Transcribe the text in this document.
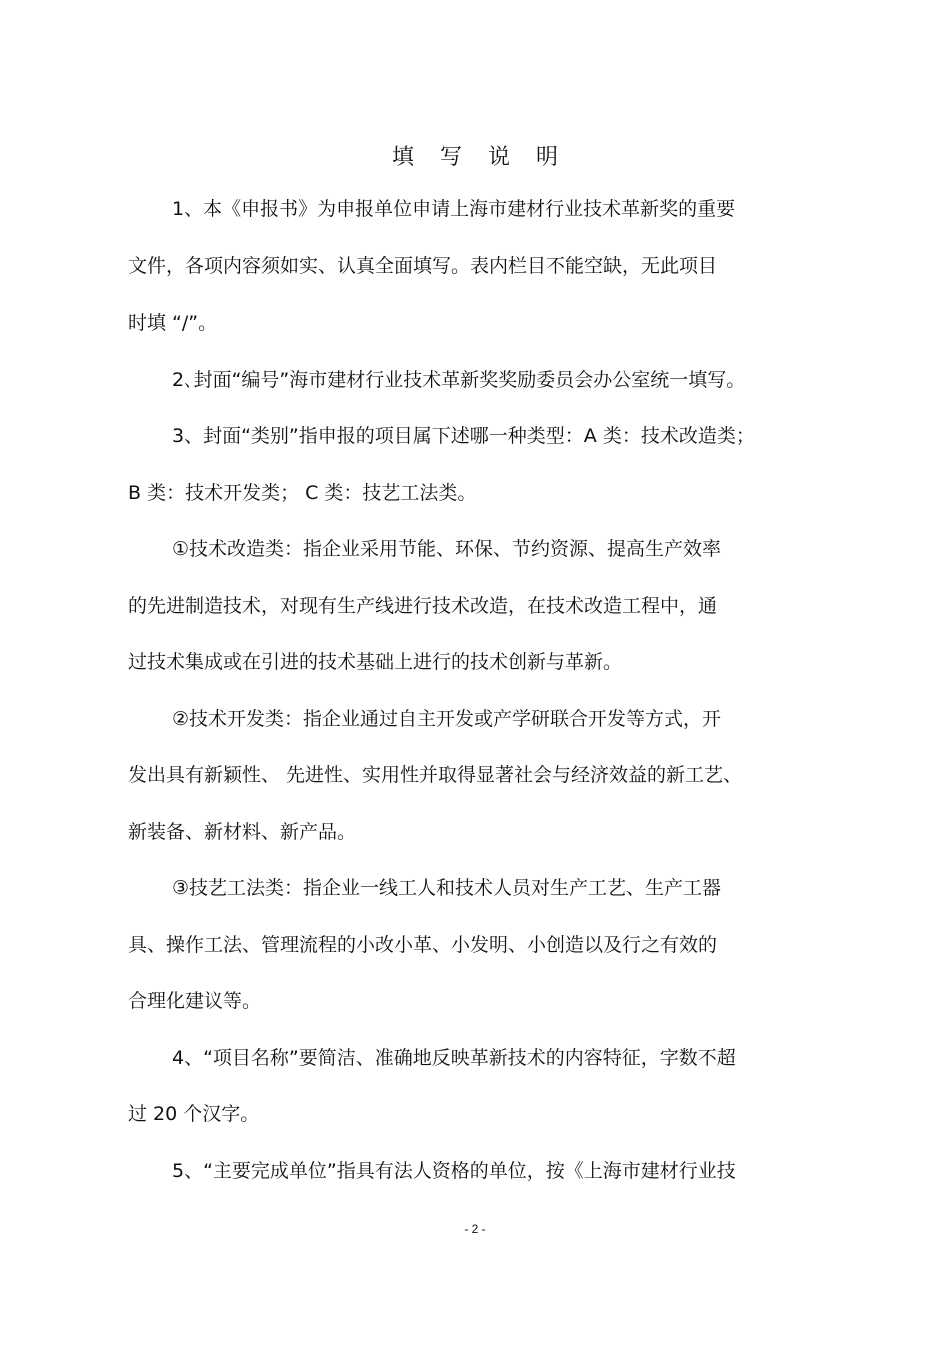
填写说明
1、本《申报书》为申报单位申请上海市建材行业技术革新奖的重要
文件，各项内容须如实、认真全面填写。表内栏目不能空缺，无此项目
时填 “/”。
2､封面“编号”海市建材行业技术革新奖奖励委员会办公室统一填写。
3、封面“类别”指申报的项目属下述哪一种类型：A 类：技术改造类；
B 类：技术开发类； C 类：技艺工法类。
①技术改造类：指企业采用节能、环保、节约资源、提高生产效率
的先进制造技术，对现有生产线进行技术改造，在技术改造工程中，通
过技术集成或在引进的技术基础上进行的技术创新与革新。
②技术开发类：指企业通过自主开发或产学研联合开发等方式，开
发出具有新颖性、 先进性、实用性并取得显著社会与经济效益的新工艺、
新装备、新材料、新产品。
③技艺工法类：指企业一线工人和技术人员对生产工艺、生产工器
具、操作工法、管理流程的小改小革、小发明、小创造以及行之有效的
合理化建议等。
4、“项目名称”要简洁、准确地反映革新技术的内容特征，字数不超
过 20 个汉字。
5、“主要完成单位”指具有法人资格的单位，按《上海市建材行业技
- 2 -
